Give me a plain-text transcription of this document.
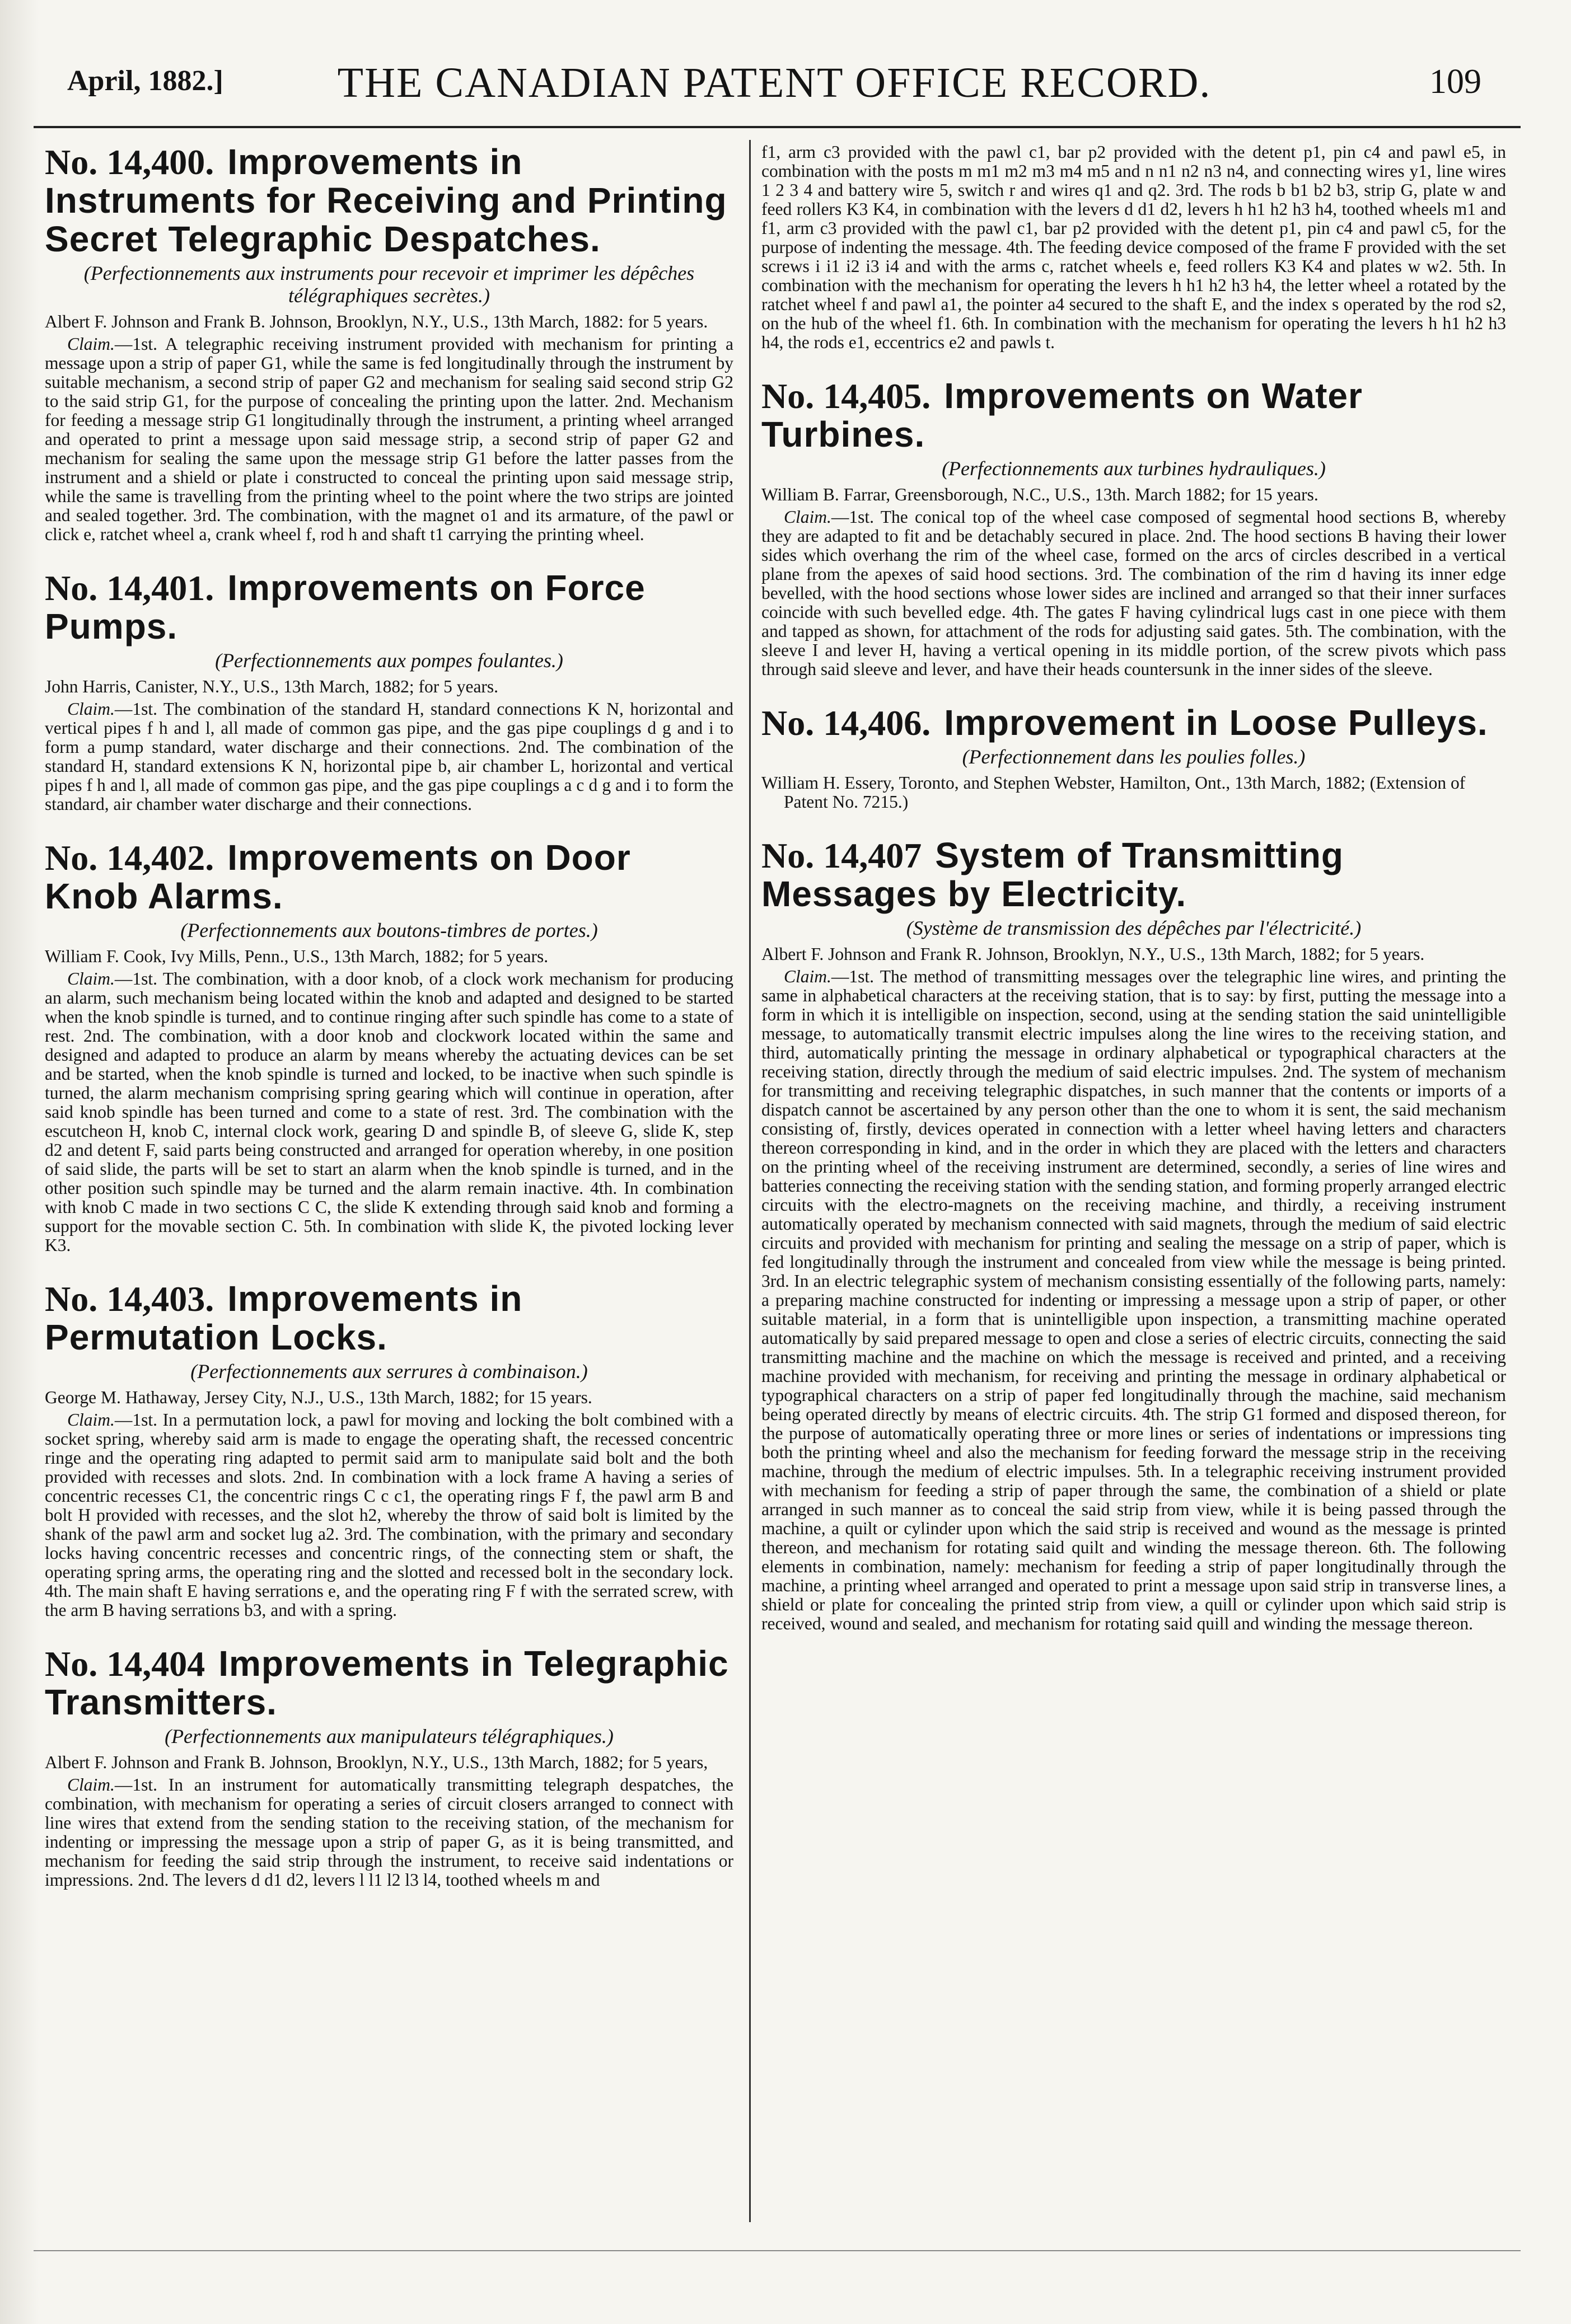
April, 1882.]	THE CANADIAN PATENT OFFICE RECORD.	109
No. 14,400. Improvements in Instruments for Receiving and Printing Secret Telegraphic Despatches.
(Perfectionnements aux instruments pour recevoir et imprimer les dépêches télégraphiques secrètes.)
Albert F. Johnson and Frank B. Johnson, Brooklyn, N.Y., U.S., 13th March, 1882: for 5 years.

Claim.—1st. A telegraphic receiving instrument provided with mechanism for printing a message upon a strip of paper G1, while the same is fed longitudinally through the instrument by suitable mechanism, a second strip of paper G2 and mechanism for sealing said second strip G2 to the said strip G1, for the purpose of concealing the printing upon the latter. 2nd. Mechanism for feeding a message strip G1 longitudinally through the instrument, a printing wheel arranged and operated to print a message upon said message strip, a second strip of paper G2 and mechanism for sealing the same upon the message strip G1 before the latter passes from the instrument and a shield or plate i constructed to conceal the printing upon said message strip, while the same is travelling from the printing wheel to the point where the two strips are jointed and sealed together. 3rd. The combination, with the magnet o1 and its armature, of the pawl or click e, ratchet wheel a, crank wheel f, rod h and shaft t1 carrying the printing wheel.

No. 14,401. Improvements on Force Pumps.
(Perfectionnements aux pompes foulantes.)
John Harris, Canister, N.Y., U.S., 13th March, 1882; for 5 years.

Claim.—1st. The combination of the standard H, standard connections K N, horizontal and vertical pipes f h and l, all made of common gas pipe, and the gas pipe couplings d g and i to form a pump standard, water discharge and their connections. 2nd. The combination of the standard H, standard extensions K N, horizontal pipe b, air chamber L, horizontal and vertical pipes f h and l, all made of common gas pipe, and the gas pipe couplings a c d g and i to form the standard, air chamber water discharge and their connections.

No. 14,402. Improvements on Door Knob Alarms.
(Perfectionnements aux boutons-timbres de portes.)
William F. Cook, Ivy Mills, Penn., U.S., 13th March, 1882; for 5 years.

Claim.—1st. The combination, with a door knob, of a clock work mechanism for producing an alarm, such mechanism being located within the knob and adapted and designed to be started when the knob spindle is turned, and to continue ringing after such spindle has come to a state of rest. 2nd. The combination, with a door knob and clockwork located within the same and designed and adapted to produce an alarm by means whereby the actuating devices can be set and be started, when the knob spindle is turned and locked, to be inactive when such spindle is turned, the alarm mechanism comprising spring gearing which will continue in operation, after said knob spindle has been turned and come to a state of rest. 3rd. The combination with the escutcheon H, knob C, internal clock work, gearing D and spindle B, of sleeve G, slide K, step d2 and detent F, said parts being constructed and arranged for operation whereby, in one position of said slide, the parts will be set to start an alarm when the knob spindle is turned, and in the other position such spindle may be turned and the alarm remain inactive. 4th. In combination with knob C made in two sections C C, the slide K extending through said knob and forming a support for the movable section C. 5th. In combination with slide K, the pivoted locking lever K3.

No. 14,403. Improvements in Permutation Locks.
(Perfectionnements aux serrures à combinaison.)
George M. Hathaway, Jersey City, N.J., U.S., 13th March, 1882; for 15 years.

Claim.—1st. In a permutation lock, a pawl for moving and locking the bolt combined with a socket spring, whereby said arm is made to engage the operating shaft, the recessed concentric ringe and the operating ring adapted to permit said arm to manipulate said bolt and the both provided with recesses and slots. 2nd. In combination with a lock frame A having a series of concentric recesses C1, the concentric rings C c c1, the operating rings F f, the pawl arm B and bolt H provided with recesses, and the slot h2, whereby the throw of said bolt is limited by the shank of the pawl arm and socket lug a2. 3rd. The combination, with the primary and secondary locks having concentric recesses and concentric rings, of the connecting stem or shaft, the operating spring arms, the operating ring and the slotted and recessed bolt in the secondary lock. 4th. The main shaft E having serrations e, and the operating ring F f with the serrated screw, with the arm B having serrations b3, and with a spring.

No. 14,404 Improvements in Telegraphic Transmitters.
(Perfectionnements aux manipulateurs télégraphiques.)
Albert F. Johnson and Frank B. Johnson, Brooklyn, N.Y., U.S., 13th March, 1882; for 5 years,

Claim.—1st. In an instrument for automatically transmitting telegraph despatches, the combination, with mechanism for operating a series of circuit closers arranged to connect with line wires that extend from the sending station to the receiving station, of the mechanism for indenting or impressing the message upon a strip of paper G, as it is being transmitted, and mechanism for feeding the said strip through the instrument, to receive said indentations or impressions. 2nd. The levers d d1 d2, levers l l1 l2 l3 l4, toothed wheels m and

f1, arm c3 provided with the pawl c1, bar p2 provided with the detent p1, pin c4 and pawl e5, in combination with the posts m m1 m2 m3 m4 m5 and n n1 n2 n3 n4, and connecting wires y1, line wires 1 2 3 4 and battery wire 5, switch r and wires q1 and q2. 3rd. The rods b b1 b2 b3, strip G, plate w and feed rollers K3 K4, in combination with the levers d d1 d2, levers h h1 h2 h3 h4, toothed wheels m1 and f1, arm c3 provided with the pawl c1, bar p2 provided with the detent p1, pin c4 and pawl c5, for the purpose of indenting the message. 4th. The feeding device composed of the frame F provided with the set screws i i1 i2 i3 i4 and with the arms c, ratchet wheels e, feed rollers K3 K4 and plates w w2. 5th. In combination with the mechanism for operating the levers h h1 h2 h3 h4, the letter wheel a rotated by the ratchet wheel f and pawl a1, the pointer a4 secured to the shaft E, and the index s operated by the rod s2, on the hub of the wheel f1. 6th. In combination with the mechanism for operating the levers h h1 h2 h3 h4, the rods e1, eccentrics e2 and pawls t.

No. 14,405. Improvements on Water Turbines.
(Perfectionnements aux turbines hydrauliques.)
William B. Farrar, Greensborough, N.C., U.S., 13th. March 1882; for 15 years.

Claim.—1st. The conical top of the wheel case composed of segmental hood sections B, whereby they are adapted to fit and be detachably secured in place. 2nd. The hood sections B having their lower sides which overhang the rim of the wheel case, formed on the arcs of circles described in a vertical plane from the apexes of said hood sections. 3rd. The combination of the rim d having its inner edge bevelled, with the hood sections whose lower sides are inclined and arranged so that their inner surfaces coincide with such bevelled edge. 4th. The gates F having cylindrical lugs cast in one piece with them and tapped as shown, for attachment of the rods for adjusting said gates. 5th. The combination, with the sleeve I and lever H, having a vertical opening in its middle portion, of the screw pivots which pass through said sleeve and lever, and have their heads countersunk in the inner sides of the sleeve.

No. 14,406. Improvement in Loose Pulleys.
(Perfectionnement dans les poulies folles.)
William H. Essery, Toronto, and Stephen Webster, Hamilton, Ont., 13th March, 1882; (Extension of Patent No. 7215.)
No. 14,407 System of Transmitting Messages by Electricity.
(Système de transmission des dépêches par l'électricité.)
Albert F. Johnson and Frank R. Johnson, Brooklyn, N.Y., U.S., 13th March, 1882; for 5 years.

Claim.—1st. The method of transmitting messages over the telegraphic line wires, and printing the same in alphabetical characters at the receiving station, that is to say: by first, putting the message into a form in which it is intelligible on inspection, second, using at the sending station the said unintelligible message, to automatically transmit electric impulses along the line wires to the receiving station, and third, automatically printing the message in ordinary alphabetical or typographical characters at the receiving station, directly through the medium of said electric impulses. 2nd. The system of mechanism for transmitting and receiving telegraphic dispatches, in such manner that the contents or imports of a dispatch cannot be ascertained by any person other than the one to whom it is sent, the said mechanism consisting of, firstly, devices operated in connection with a letter wheel having letters and characters thereon corresponding in kind, and in the order in which they are placed with the letters and characters on the printing wheel of the receiving instrument are determined, secondly, a series of line wires and batteries connecting the receiving station with the sending station, and forming properly arranged electric circuits with the electro-magnets on the receiving machine, and thirdly, a receiving instrument automatically operated by mechanism connected with said magnets, through the medium of said electric circuits and provided with mechanism for printing and sealing the message on a strip of paper, which is fed longitudinally through the instrument and concealed from view while the message is being printed. 3rd. In an electric telegraphic system of mechanism consisting essentially of the following parts, namely: a preparing machine constructed for indenting or impressing a message upon a strip of paper, or other suitable material, in a form that is unintelligible upon inspection, a transmitting machine operated automatically by said prepared message to open and close a series of electric circuits, connecting the said transmitting machine and the machine on which the message is received and printed, and a receiving machine provided with mechanism, for receiving and printing the message in ordinary alphabetical or typographical characters on a strip of paper fed longitudinally through the machine, said mechanism being operated directly by means of electric circuits. 4th. The strip G1 formed and disposed thereon, for the purpose of automatically operating three or more lines or series of indentations or impressions ting both the printing wheel and also the mechanism for feeding forward the message strip in the receiving machine, through the medium of electric impulses. 5th. In a telegraphic receiving instrument provided with mechanism for feeding a strip of paper through the same, the combination of a shield or plate arranged in such manner as to conceal the said strip from view, while it is being passed through the machine, a quilt or cylinder upon which the said strip is received and wound as the message is printed thereon, and mechanism for rotating said quilt and winding the message thereon. 6th. The following elements in combination, namely: mechanism for feeding a strip of paper longitudinally through the machine, a printing wheel arranged and operated to print a message upon said strip in transverse lines, a shield or plate for concealing the printed strip from view, a quill or cylinder upon which said strip is received, wound and sealed, and mechanism for rotating said quill and winding the message thereon.
